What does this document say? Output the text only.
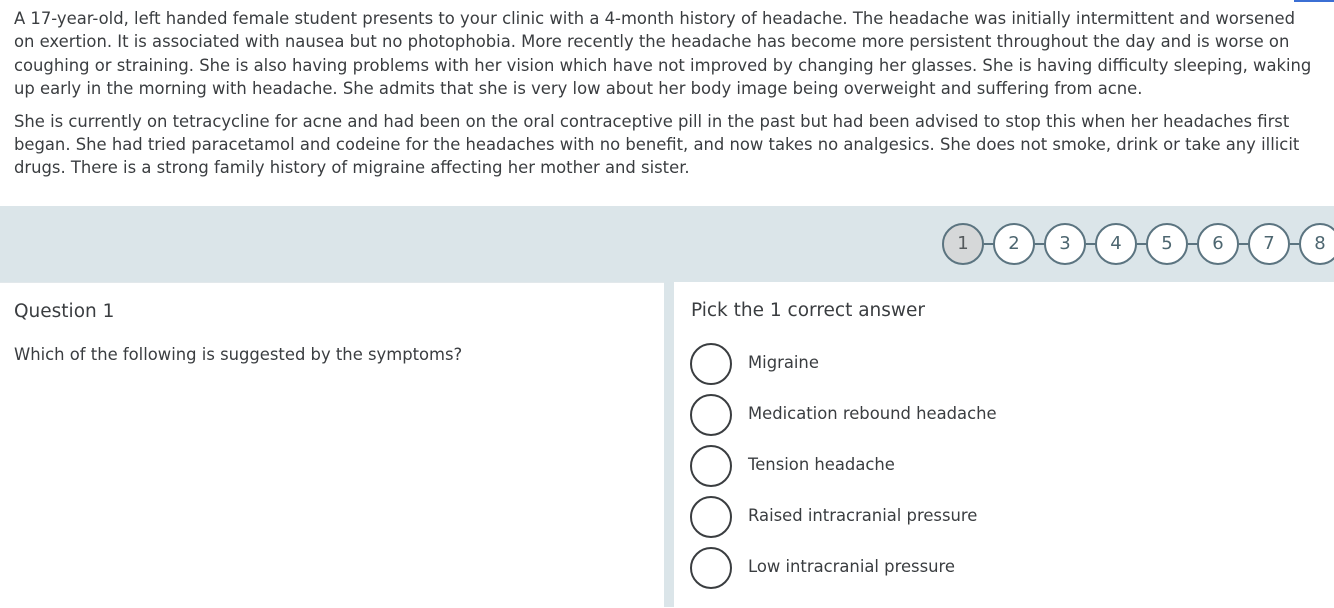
A 17-year-old, left handed female student presents to your clinic with a 4-month history of headache. The headache was initially intermittent and worsened on exertion. It is associated with nausea but no photophobia. More recently the headache has become more persistent throughout the day and is worse on coughing or straining. She is also having problems with her vision which have not improved by changing her glasses. She is having difficulty sleeping, waking up early in the morning with headache. She admits that she is very low about her body image being overweight and suffering from acne.

She is currently on tetracycline for acne and had been on the oral contraceptive pill in the past but had been advised to stop this when her headaches first began. She had tried paracetamol and codeine for the headaches with no benefit, and now takes no analgesics. She does not smoke, drink or take any illicit drugs. There is a strong family history of migraine affecting her mother and sister.

1	2	3	4	5	6	7	8
Question 1
Which of the following is suggested by the symptoms?
Pick the 1 correct answer
Migraine
Medication rebound headache
Tension headache
Raised intracranial pressure
Low intracranial pressure
